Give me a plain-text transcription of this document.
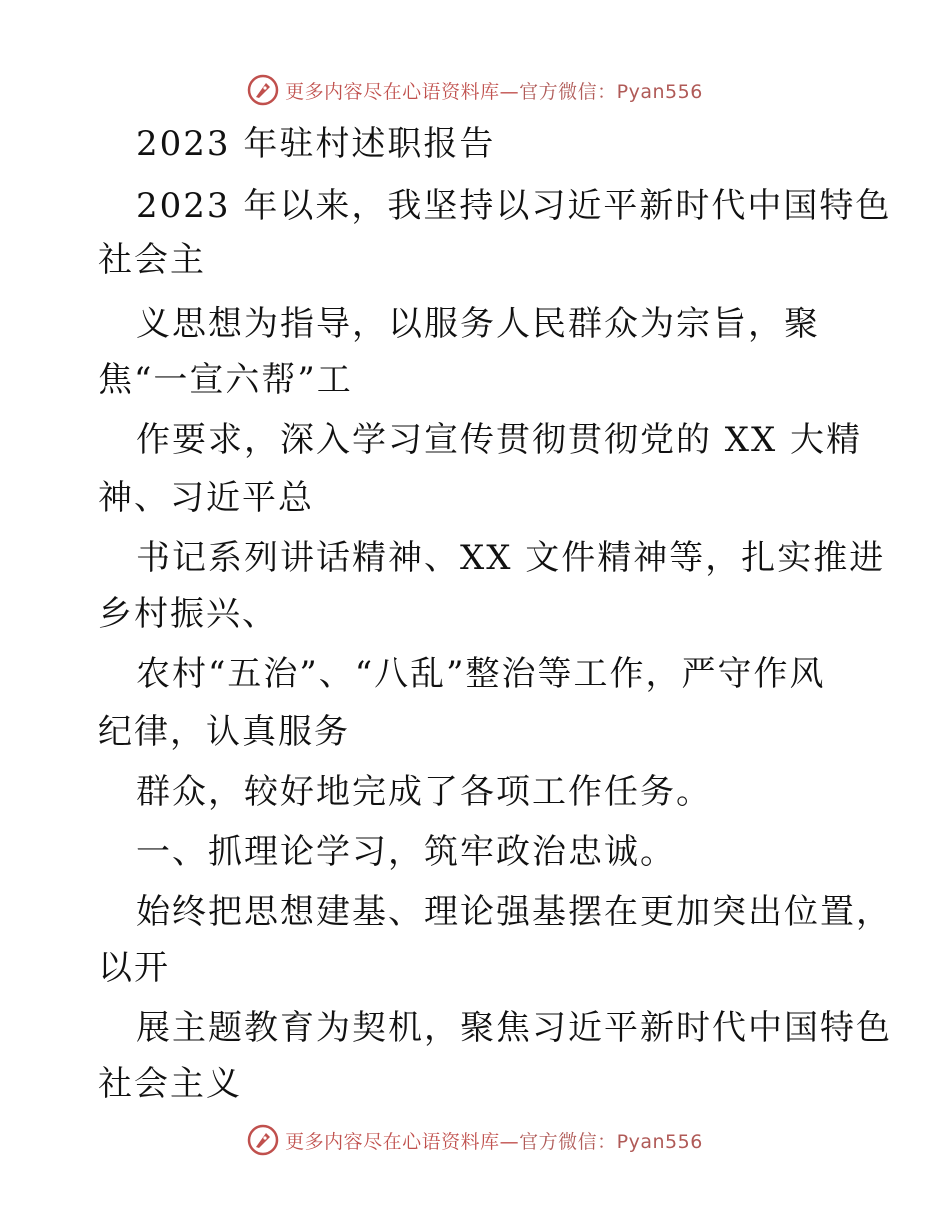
更多内容尽在心语资料库—官方微信：Pyan556
2023 年驻村述职报告
2023 年以来，我坚持以习近平新时代中国特色
社会主
义思想为指导，以服务人民群众为宗旨，聚
焦“一宣六帮”工
作要求，深入学习宣传贯彻贯彻党的 XX 大精
神、习近平总
书记系列讲话精神、XX 文件精神等，扎实推进
乡村振兴、
农村“五治”、“八乱”整治等工作，严守作风
纪律，认真服务
群众，较好地完成了各项工作任务。
一、抓理论学习，筑牢政治忠诚。
始终把思想建基、理论强基摆在更加突出位置，
以开
展主题教育为契机，聚焦习近平新时代中国特色
社会主义
更多内容尽在心语资料库—官方微信：Pyan556
